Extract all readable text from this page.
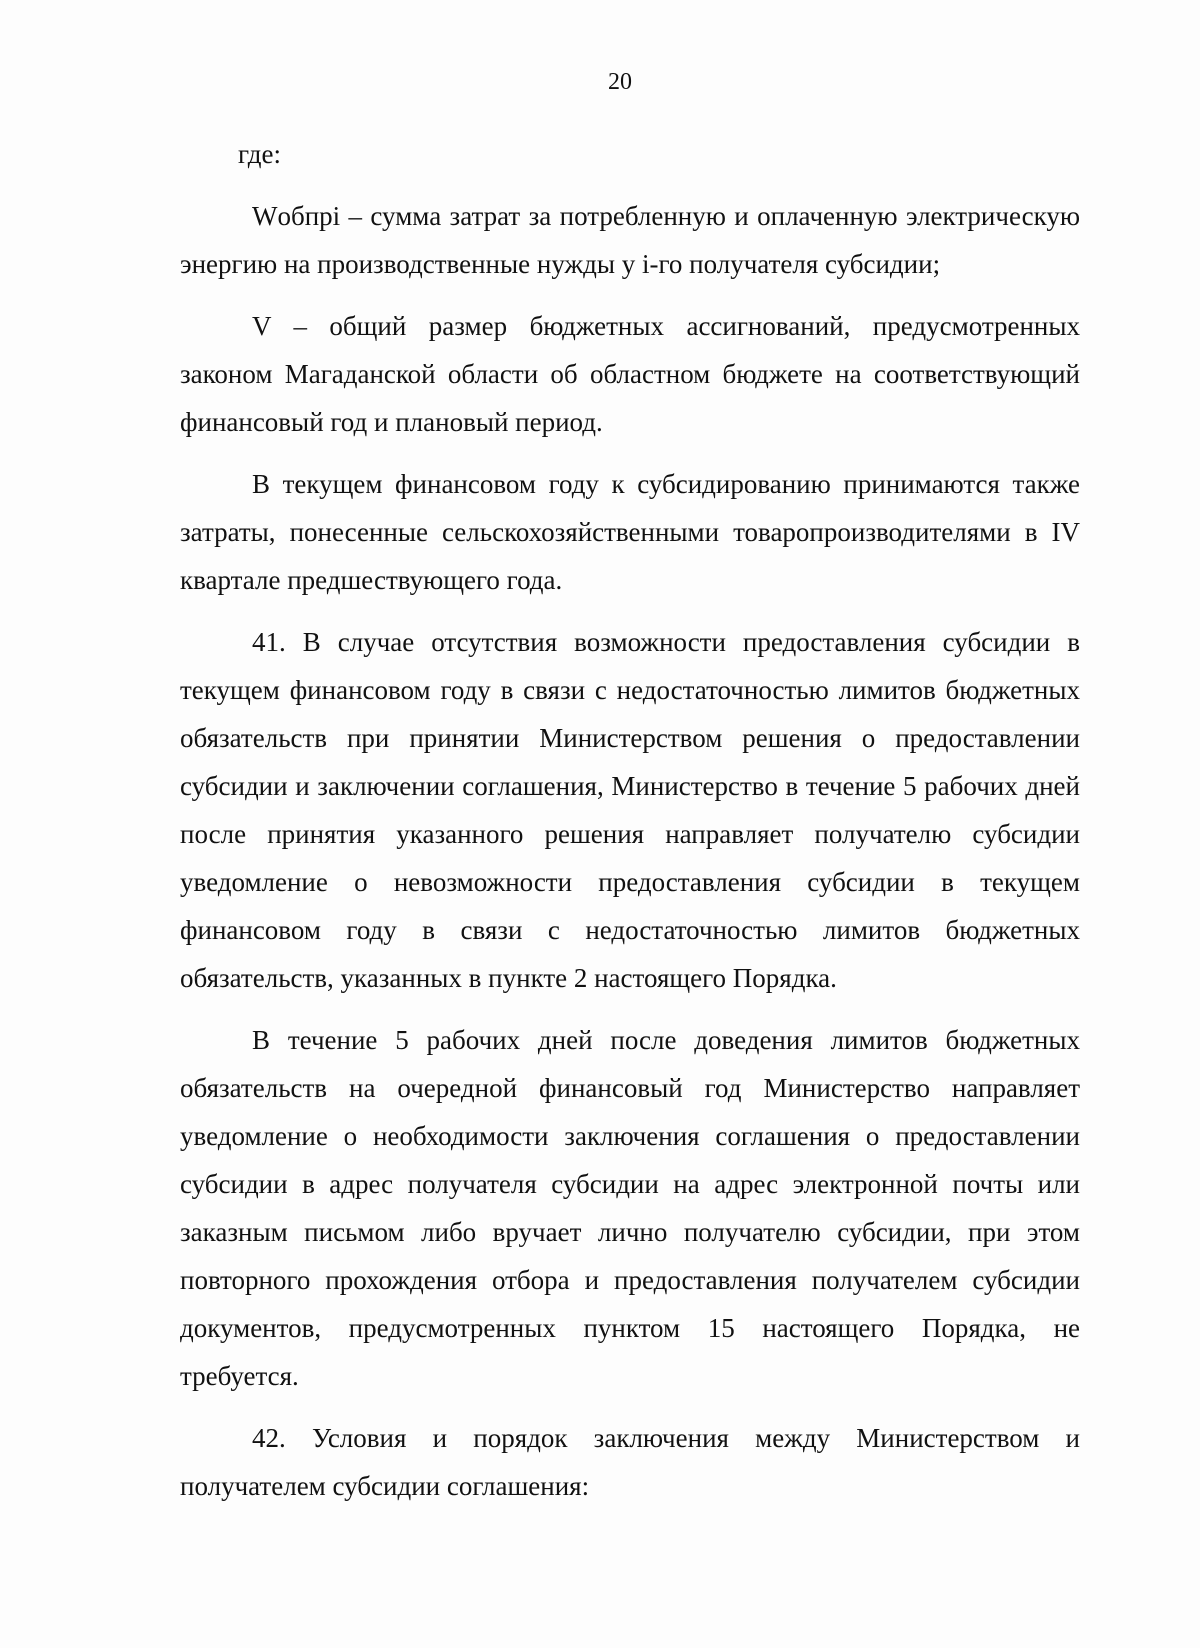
20

где:

Wобпрi – сумма затрат за потребленную и оплаченную электрическую энергию на производственные нужды у i-го получателя субсидии;

V – общий размер бюджетных ассигнований, предусмотренных законом Магаданской области об областном бюджете на соответствующий финансовый год и плановый период.

В текущем финансовом году к субсидированию принимаются также затраты, понесенные сельскохозяйственными товаропроизводителями в IV квартале предшествующего года.

41. В случае отсутствия возможности предоставления субсидии в текущем финансовом году в связи с недостаточностью лимитов бюджетных обязательств при принятии Министерством решения о предоставлении субсидии и заключении соглашения, Министерство в течение 5 рабочих дней после принятия указанного решения направляет получателю субсидии уведомление о невозможности предоставления субсидии в текущем финансовом году в связи с недостаточностью лимитов бюджетных обязательств, указанных в пункте 2 настоящего Порядка.

В течение 5 рабочих дней после доведения лимитов бюджетных обязательств на очередной финансовый год Министерство направляет уведомление о необходимости заключения соглашения о предоставлении субсидии в адрес получателя субсидии на адрес электронной почты или заказным письмом либо вручает лично получателю субсидии, при этом повторного прохождения отбора и предоставления получателем субсидии документов, предусмотренных пунктом 15 настоящего Порядка, не требуется.

42. Условия и порядок заключения между Министерством и получателем субсидии соглашения:
